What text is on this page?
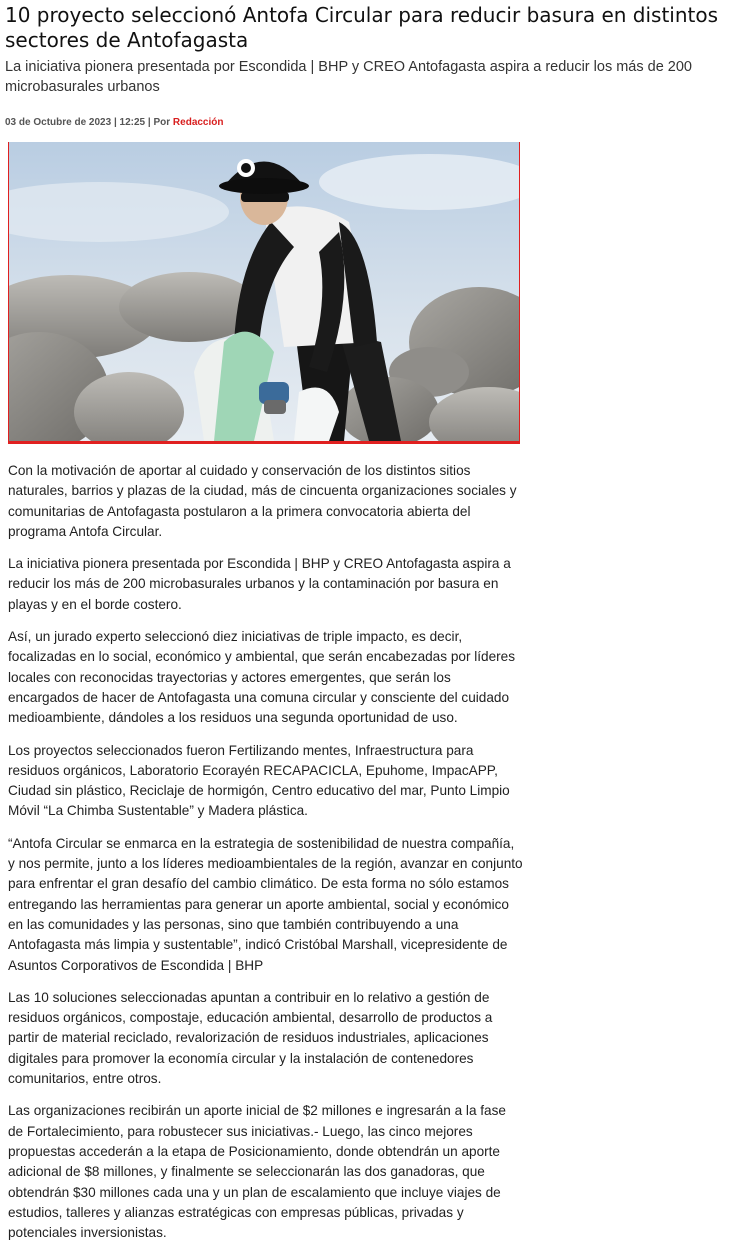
10 proyecto seleccionó Antofa Circular para reducir basura en distintos sectores de Antofagasta

La iniciativa pionera presentada por Escondida | BHP y CREO Antofagasta aspira a reducir los más de 200 microbasurales urbanos

03 de Octubre de 2023 | 12:25 | Por Redacción

Con la motivación de aportar al cuidado y conservación de los distintos sitios naturales, barrios y plazas de la ciudad, más de cincuenta organizaciones sociales y comunitarias de Antofagasta postularon a la primera convocatoria abierta del programa Antofa Circular.

La iniciativa pionera presentada por Escondida | BHP y CREO Antofagasta aspira a reducir los más de 200 microbasurales urbanos y la contaminación por basura en playas y en el borde costero.

Así, un jurado experto seleccionó diez iniciativas de triple impacto, es decir, focalizadas en lo social, económico y ambiental, que serán encabezadas por líderes locales con reconocidas trayectorias y actores emergentes, que serán los encargados de hacer de Antofagasta una comuna circular y consciente del cuidado medioambiente, dándoles a los residuos una segunda oportunidad de uso.

Los proyectos seleccionados fueron Fertilizando mentes, Infraestructura para residuos orgánicos, Laboratorio Ecorayén RECAPACICLA, Epuhome, ImpacAPP, Ciudad sin plástico, Reciclaje de hormigón, Centro educativo del mar, Punto Limpio Móvil “La Chimba Sustentable” y Madera plástica.

“Antofa Circular se enmarca en la estrategia de sostenibilidad de nuestra compañía, y nos permite, junto a los líderes medioambientales de la región, avanzar en conjunto para enfrentar el gran desafío del cambio climático. De esta forma no sólo estamos entregando las herramientas para generar un aporte ambiental, social y económico en las comunidades y las personas, sino que también contribuyendo a una Antofagasta más limpia y sustentable”, indicó Cristóbal Marshall, vicepresidente de Asuntos Corporativos de Escondida | BHP

Las 10 soluciones seleccionadas apuntan a contribuir en lo relativo a gestión de residuos orgánicos, compostaje, educación ambiental, desarrollo de productos a partir de material reciclado, revalorización de residuos industriales, aplicaciones digitales para promover la economía circular y la instalación de contenedores comunitarios, entre otros.

Las organizaciones recibirán un aporte inicial de $2 millones e ingresarán a la fase de Fortalecimiento, para robustecer sus iniciativas.- Luego, las cinco mejores propuestas accederán a la etapa de Posicionamiento, donde obtendrán un aporte adicional de $8 millones, y finalmente se seleccionarán las dos ganadoras, que obtendrán $30 millones cada una y un plan de escalamiento que incluye viajes de estudios, talleres y alianzas estratégicas con empresas públicas, privadas y potenciales inversionistas.
